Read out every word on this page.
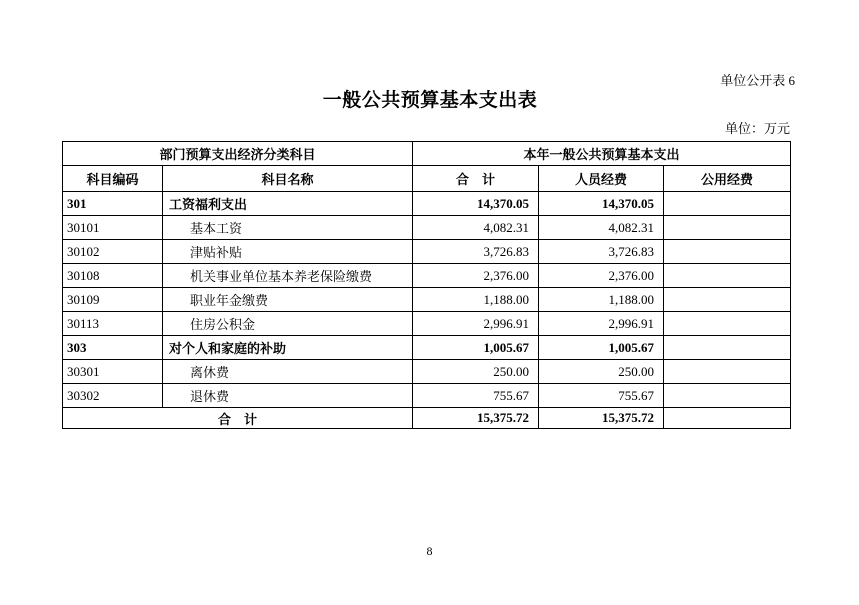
单位公开表 6
一般公共预算基本支出表
单位：万元
部门预算支出经济分类科目		本年一般公共预算基本支出		
科目编码	科目名称	合　计	人员经费	公用经费
301	工资福利支出	14,370.05	14,370.05	
30101	基本工资	4,082.31	4,082.31	
30102	津贴补贴	3,726.83	3,726.83	
30108	机关事业单位基本养老保险缴费	2,376.00	2,376.00	
30109	职业年金缴费	1,188.00	1,188.00	
30113	住房公积金	2,996.91	2,996.91	
303	对个人和家庭的补助	1,005.67	1,005.67	
30301	离休费	250.00	250.00	
30302	退休费	755.67	755.67	
合　计		15,375.72	15,375.72	
8
